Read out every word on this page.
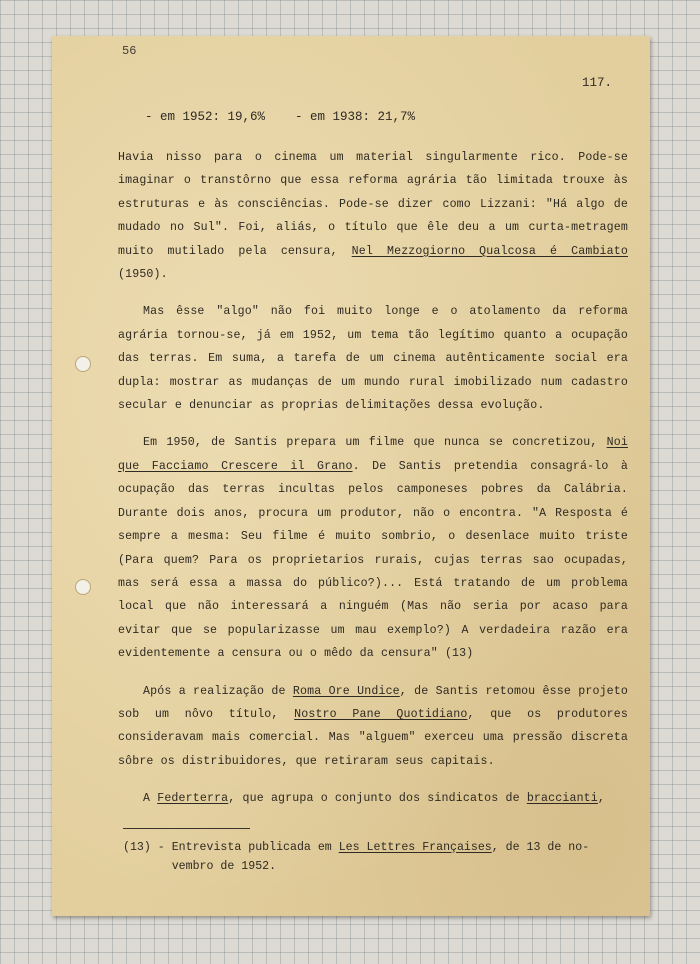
56
117.
- em 1952: 19,6%    - em 1938: 21,7%

Havia nisso para o cinema um material singularmente rico. Pode-se imaginar o transtôrno que essa reforma agrária tão limitada trouxe às estruturas e às consciências. Pode-se dizer como Lizzani: "Há algo de mudado no Sul". Foi, aliás, o título que êle deu a um curta-metragem muito mutilado pela censura, Nel Mezzogiorno Qualcosa é Cambiato (1950).

Mas êsse "algo" não foi muito longe e o atolamento da reforma agrária tornou-se, já em 1952, um tema tão legítimo quanto a ocupação das terras. Em suma, a tarefa de um cinema autênticamente social era dupla: mostrar as mudanças de um mundo rural imobilizado num cadastro secular e denunciar as proprias delimitações dessa evolução.

Em 1950, de Santis prepara um filme que nunca se concretizou, Noi que Facciamo Crescere il Grano. De Santis pretendia consagrá-lo à ocupação das terras incultas pelos camponeses pobres da Calábria. Durante dois anos, procura um produtor, não o encontra. "A Resposta é sempre a mesma: Seu filme é muito sombrio, o desenlace muito triste (Para quem? Para os proprietarios rurais, cujas terras sao ocupadas, mas será essa a massa do público?)... Está tratando de um problema local que não interessará a ninguém (Mas não seria por acaso para evitar que se popularizasse um mau exemplo?) A verdadeira razão era evidentemente a censura ou o mêdo da censura" (13)

Após a realização de Roma Ore Undice, de Santis retomou êsse projeto sob um nôvo título, Nostro Pane Quotidiano, que os produtores consideravam mais comercial. Mas "alguem" exerceu uma pressão discreta sôbre os distribuidores, que retiraram seus capitais.

A Federterra, que agrupa o conjunto dos sindicatos de braccianti,

(13) - Entrevista publicada em Les Lettres Françaises, de 13 de no-
vembro de 1952.
